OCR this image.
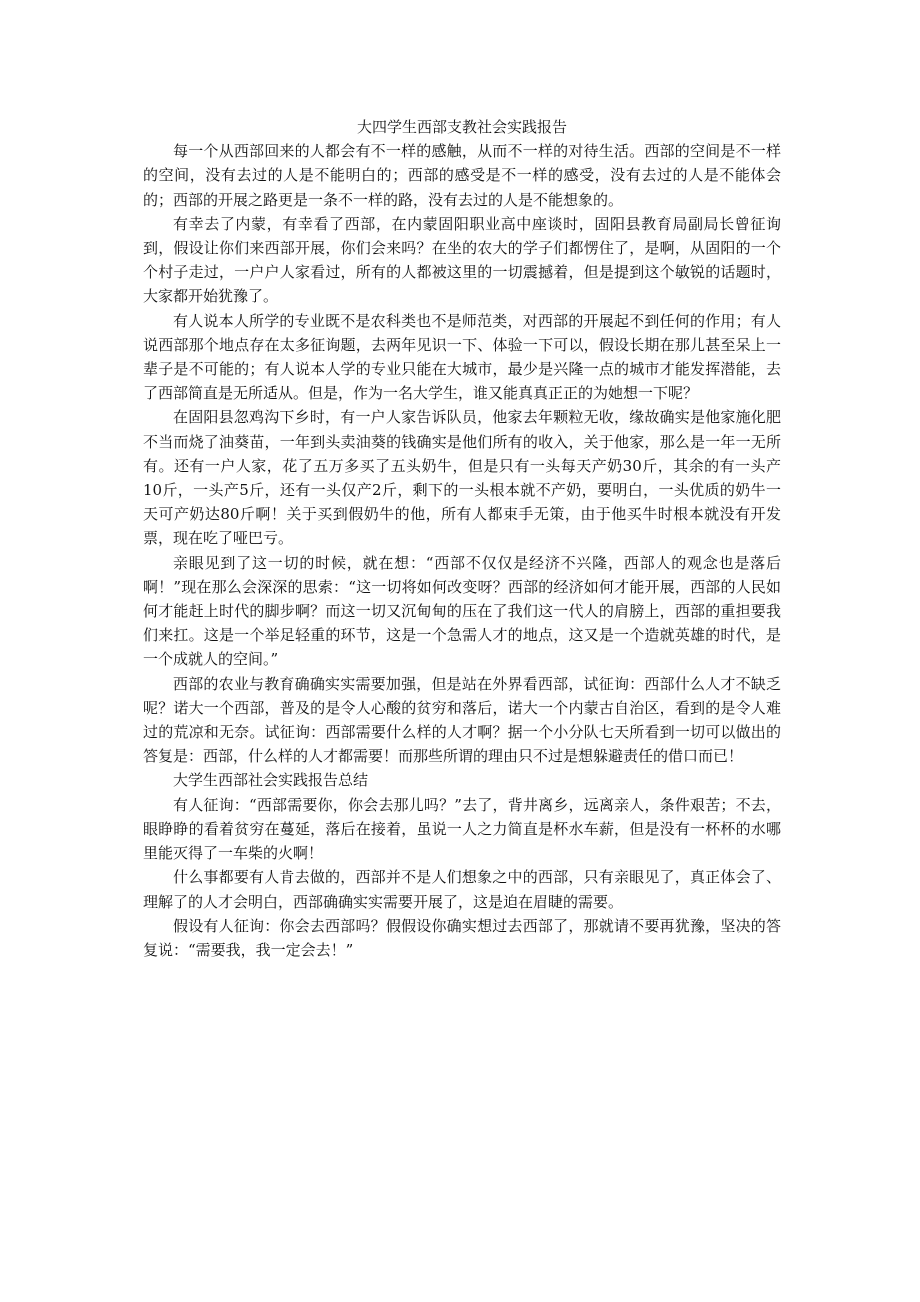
大四学生西部支教社会实践报告

每一个从西部回来的人都会有不一样的感触，从而不一样的对待生活。西部的空间是不一样的空间，没有去过的人是不能明白的；西部的感受是不一样的感受，没有去过的人是不能体会的；西部的开展之路更是一条不一样的路，没有去过的人是不能想象的。

有幸去了内蒙，有幸看了西部，在内蒙固阳职业高中座谈时，固阳县教育局副局长曾征询到，假设让你们来西部开展，你们会来吗？在坐的农大的学子们都愣住了，是啊，从固阳的一个个村子走过，一户户人家看过，所有的人都被这里的一切震撼着，但是提到这个敏锐的话题时，大家都开始犹豫了。

有人说本人所学的专业既不是农科类也不是师范类，对西部的开展起不到任何的作用；有人说西部那个地点存在太多征询题，去两年见识一下、体验一下可以，假设长期在那儿甚至呆上一辈子是不可能的；有人说本人学的专业只能在大城市，最少是兴隆一点的城市才能发挥潜能，去了西部简直是无所适从。但是，作为一名大学生，谁又能真真正正的为她想一下呢？

在固阳县忽鸡沟下乡时，有一户人家告诉队员，他家去年颗粒无收，缘故确实是他家施化肥不当而烧了油葵苗，一年到头卖油葵的钱确实是他们所有的收入，关于他家，那么是一年一无所有。还有一户人家，花了五万多买了五头奶牛，但是只有一头每天产奶30斤，其余的有一头产10斤，一头产5斤，还有一头仅产2斤，剩下的一头根本就不产奶，要明白，一头优质的奶牛一天可产奶达80斤啊！关于买到假奶牛的他，所有人都束手无策，由于他买牛时根本就没有开发票，现在吃了哑巴亏。

亲眼见到了这一切的时候，就在想：“西部不仅仅是经济不兴隆，西部人的观念也是落后啊！”现在那么会深深的思索：“这一切将如何改变呀？西部的经济如何才能开展，西部的人民如何才能赶上时代的脚步啊？而这一切又沉甸甸的压在了我们这一代人的肩膀上，西部的重担要我们来扛。这是一个举足轻重的环节，这是一个急需人才的地点，这又是一个造就英雄的时代，是一个成就人的空间。”

西部的农业与教育确确实实需要加强，但是站在外界看西部，试征询：西部什么人才不缺乏呢？诺大一个西部，普及的是令人心酸的贫穷和落后，诺大一个内蒙古自治区，看到的是令人难过的荒凉和无奈。试征询：西部需要什么样的人才啊？据一个小分队七天所看到一切可以做出的答复是：西部，什么样的人才都需要！而那些所谓的理由只不过是想躲避责任的借口而已！

大学生西部社会实践报告总结

有人征询：“西部需要你，你会去那儿吗？”去了，背井离乡，远离亲人，条件艰苦；不去，眼睁睁的看着贫穷在蔓延，落后在接着，虽说一人之力简直是杯水车薪，但是没有一杯杯的水哪里能灭得了一车柴的火啊！

什么事都要有人肯去做的，西部并不是人们想象之中的西部，只有亲眼见了，真正体会了、理解了的人才会明白，西部确确实实需要开展了，这是迫在眉睫的需要。

假设有人征询：你会去西部吗？假假设你确实想过去西部了，那就请不要再犹豫，坚决的答复说：“需要我，我一定会去！”
